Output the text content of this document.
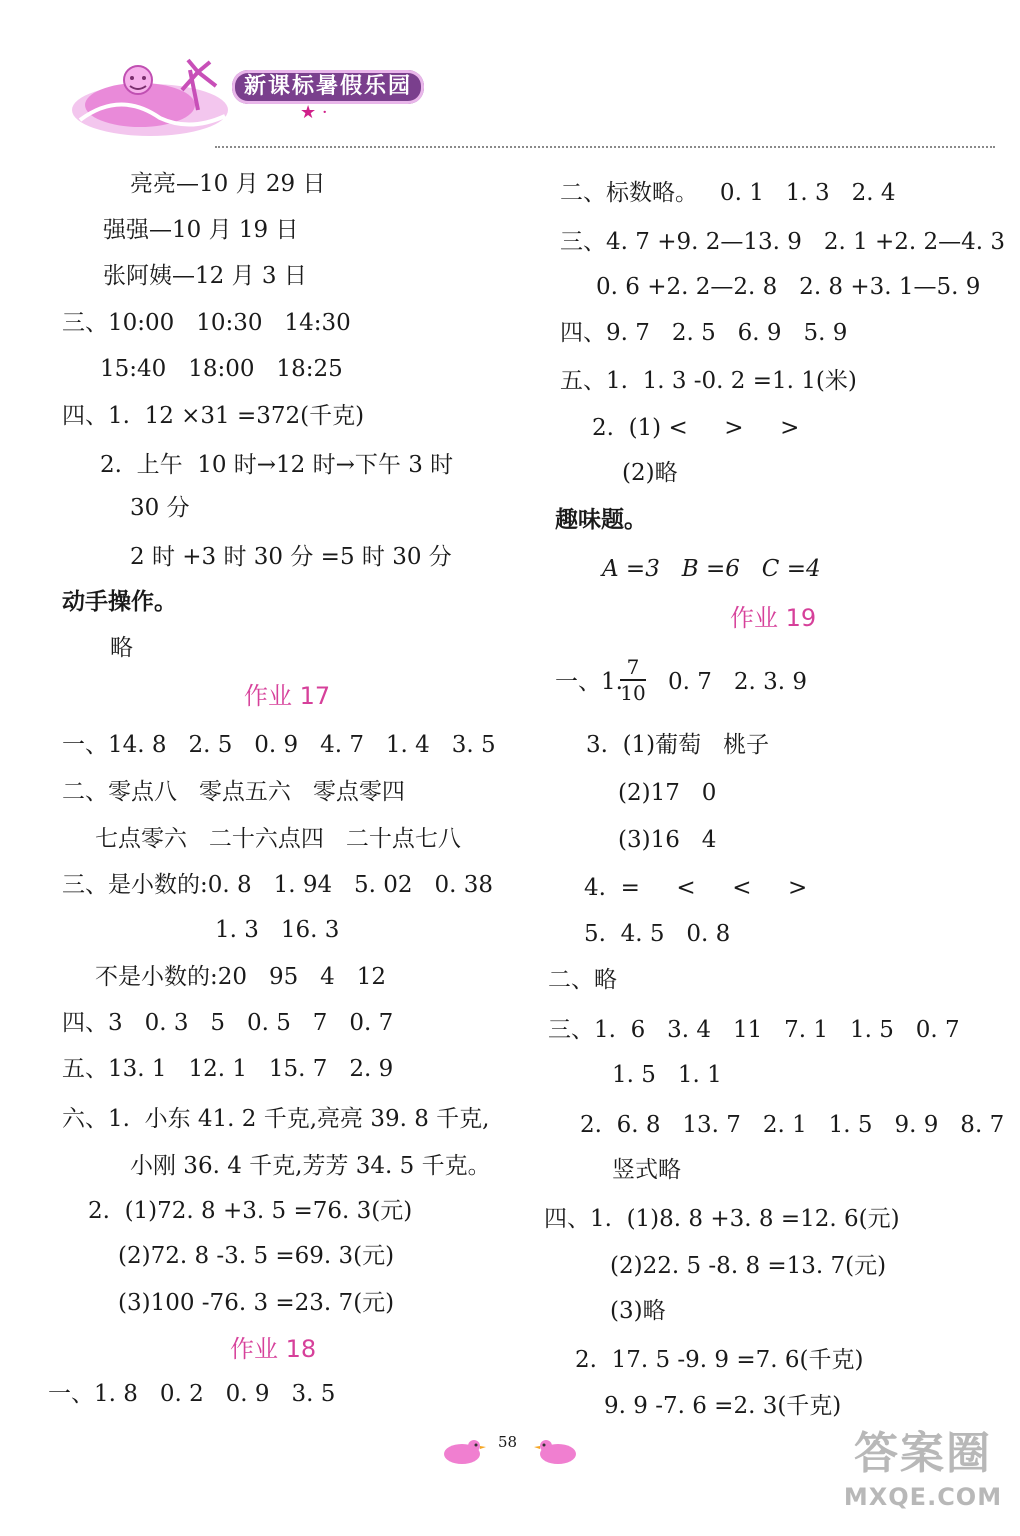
新课标暑假乐园
★ ·
亮亮—10 月 29 日
强强—10 月 19 日
张阿姨—12 月 3 日
三、10:00   10:30   14:30
15:40   18:00   18:25
四、1.  12 ×31 =372(千克)
2.  上午  10 时→12 时→下午 3 时
30 分
2 时 +3 时 30 分 =5 时 30 分
动手操作。
略
作业 17
一、14. 8   2. 5   0. 9   4. 7   1. 4   3. 5
二、零点八   零点五六   零点零四
七点零六   二十六点四   二十点七八
三、是小数的:0. 8   1. 94   5. 02   0. 38
1. 3   16. 3
不是小数的:20   95   4   12
四、3   0. 3   5   0. 5   7   0. 7
五、13. 1   12. 1   15. 7   2. 9
六、1.  小东 41. 2 千克,亮亮 39. 8 千克,
小刚 36. 4 千克,芳芳 34. 5 千克。
2.  (1)72. 8 +3. 5 =76. 3(元)
(2)72. 8 -3. 5 =69. 3(元)
(3)100 -76. 3 =23. 7(元)
作业 18
一、1. 8   0. 2   0. 9   3. 5
二、标数略。   0. 1   1. 3   2. 4
三、4. 7 +9. 2—13. 9   2. 1 +2. 2—4. 3
0. 6 +2. 2—2. 8   2. 8 +3. 1—5. 9
四、9. 7   2. 5   6. 9   5. 9
五、1.  1. 3 -0. 2 =1. 1(米)
2.  (1) <     >     >
(2)略
趣味题。
A =3   B =6   C =4
作业 19
一、1.
7
10 0. 7   2. 3. 9
3.  (1)葡萄   桃子
(2)17   0
(3)16   4
4.  =     <     <     >
5.  4. 5   0. 8
二、略
三、1.  6   3. 4   11   7. 1   1. 5   0. 7
1. 5   1. 1
2.  6. 8   13. 7   2. 1   1. 5   9. 9   8. 7
竖式略
四、1.  (1)8. 8 +3. 8 =12. 6(元)
(2)22. 5 -8. 8 =13. 7(元)
(3)略
2.  17. 5 -9. 9 =7. 6(千克)
9. 9 -7. 6 =2. 3(千克)
58	答案圈
MXQE.COM
